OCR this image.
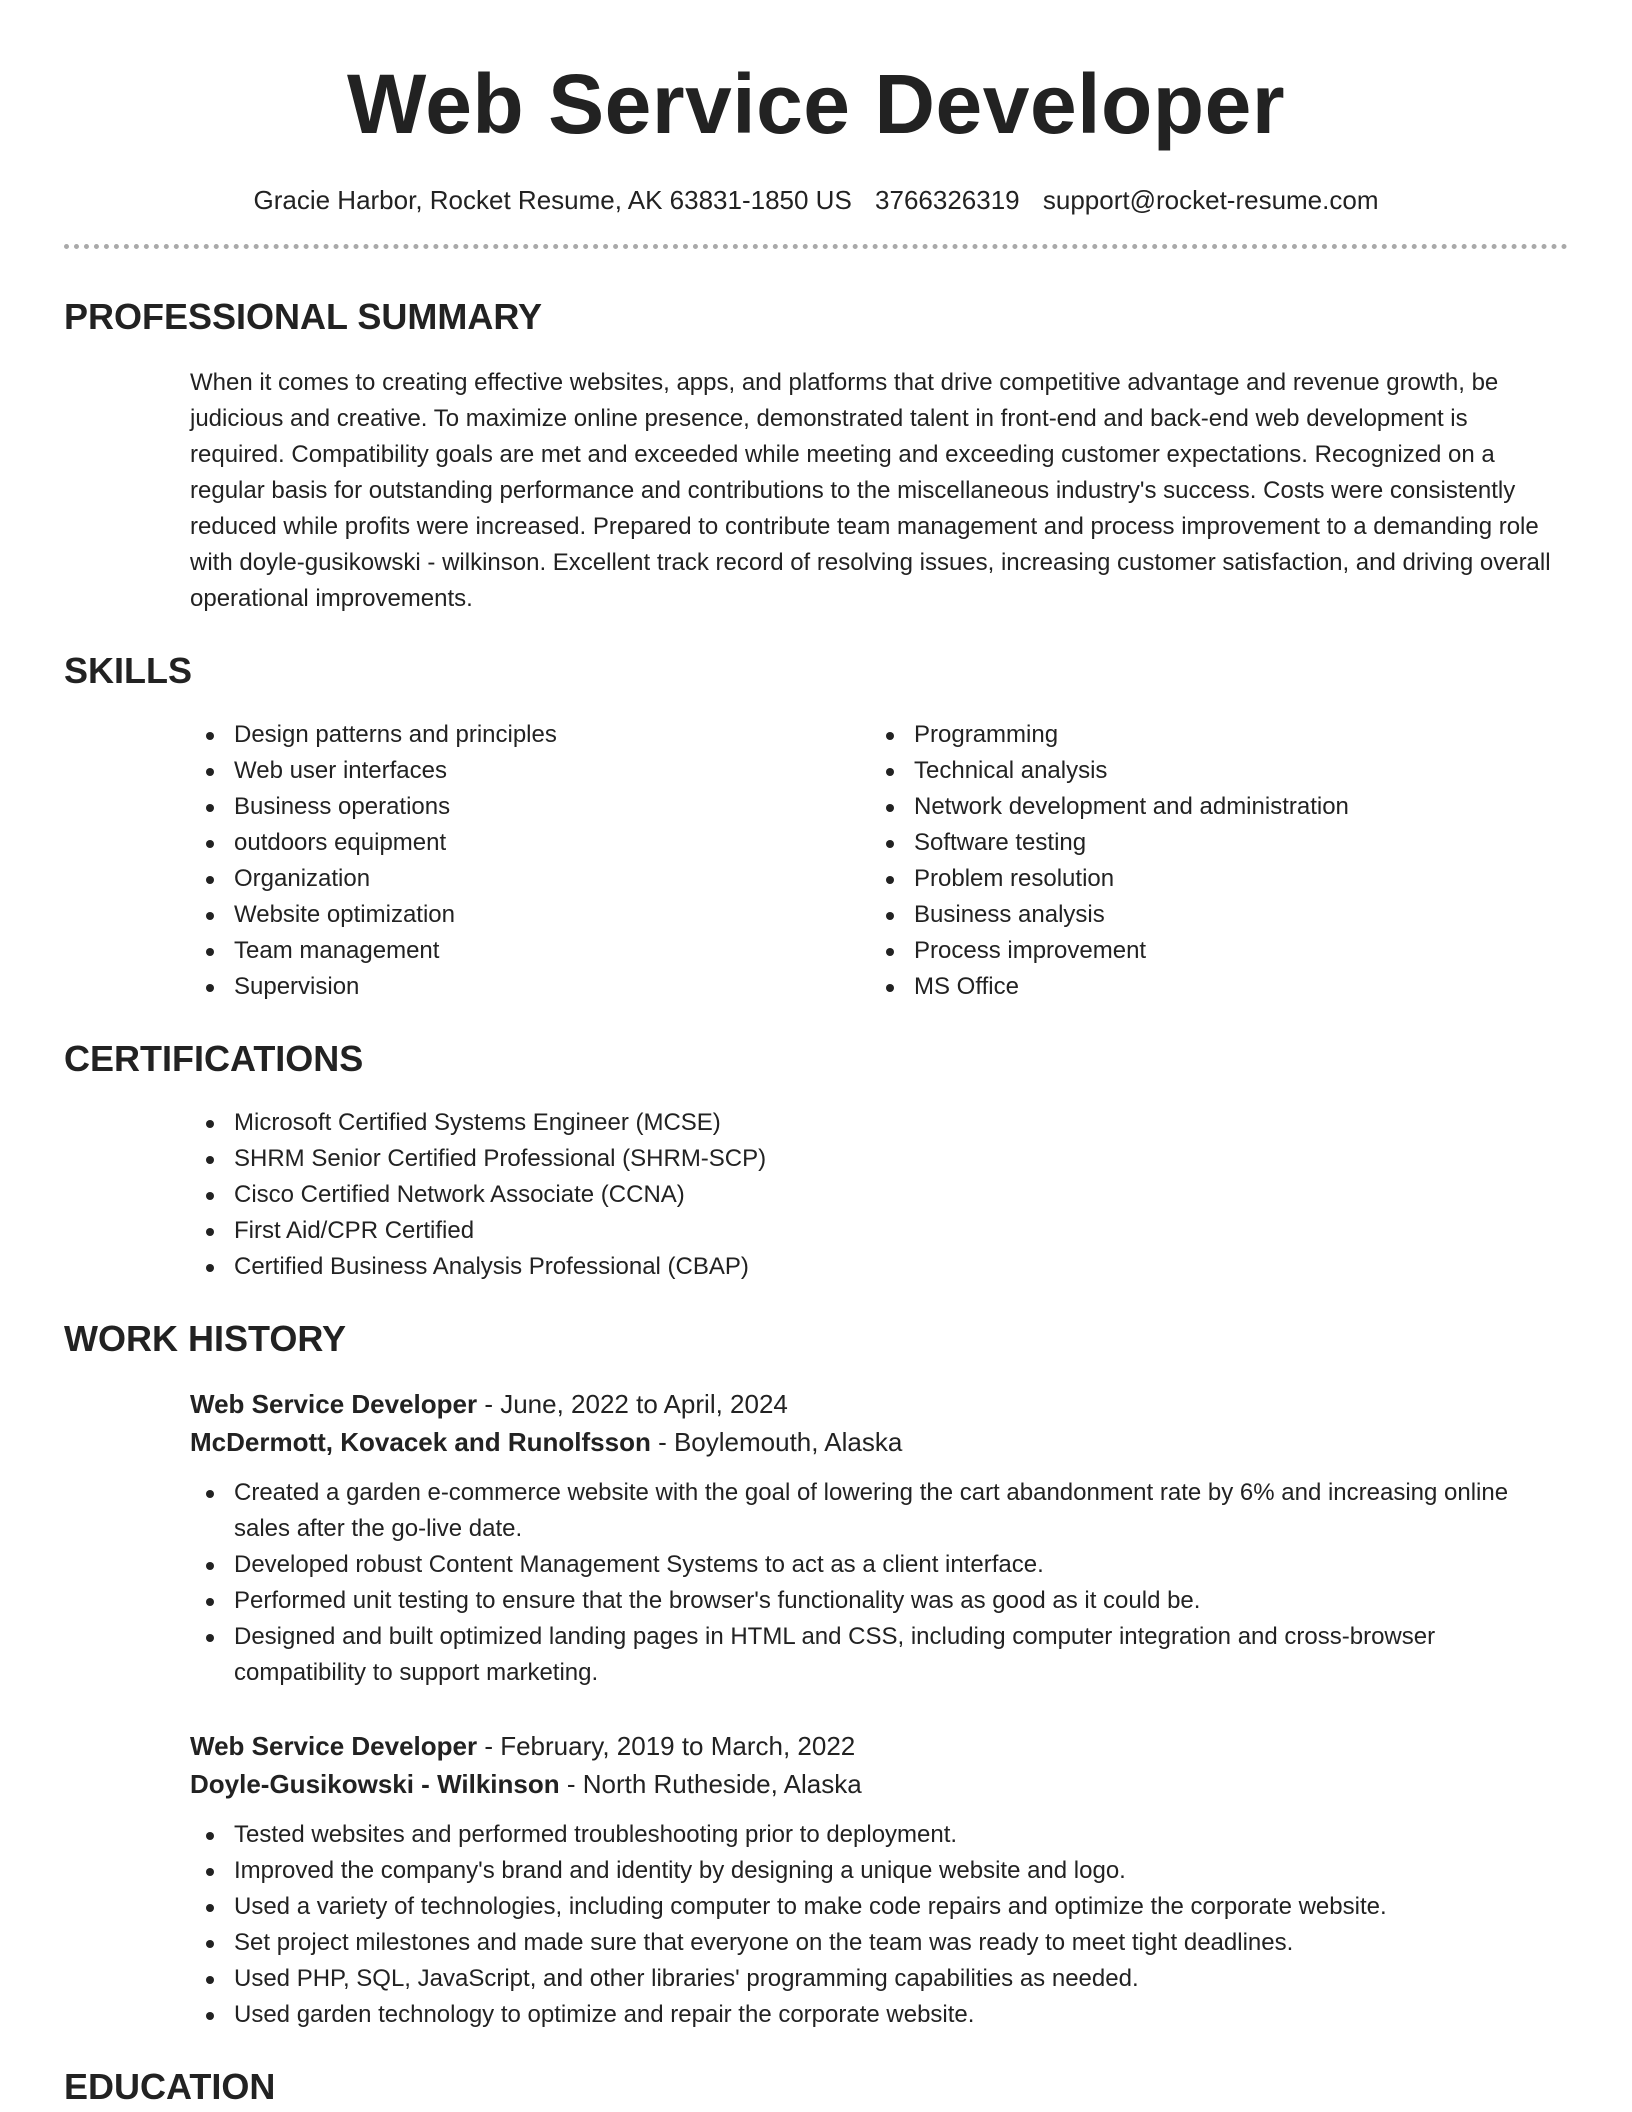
Web Service Developer
Gracie Harbor, Rocket Resume, AK 63831-1850 US 3766326319 support@rocket-resume.com
PROFESSIONAL SUMMARY
When it comes to creating effective websites, apps, and platforms that drive competitive advantage and revenue growth, be judicious and creative. To maximize online presence, demonstrated talent in front-end and back-end web development is required. Compatibility goals are met and exceeded while meeting and exceeding customer expectations. Recognized on a regular basis for outstanding performance and contributions to the miscellaneous industry's success. Costs were consistently reduced while profits were increased. Prepared to contribute team management and process improvement to a demanding role with doyle-gusikowski - wilkinson. Excellent track record of resolving issues, increasing customer satisfaction, and driving overall operational improvements.
SKILLS
Design patterns and principles
Web user interfaces
Business operations
outdoors equipment
Organization
Website optimization
Team management
Supervision
Programming
Technical analysis
Network development and administration
Software testing
Problem resolution
Business analysis
Process improvement
MS Office
CERTIFICATIONS
Microsoft Certified Systems Engineer (MCSE)
SHRM Senior Certified Professional (SHRM-SCP)
Cisco Certified Network Associate (CCNA)
First Aid/CPR Certified
Certified Business Analysis Professional (CBAP)
WORK HISTORY
Web Service Developer - June, 2022 to April, 2024
McDermott, Kovacek and Runolfsson - Boylemouth, Alaska
Created a garden e-commerce website with the goal of lowering the cart abandonment rate by 6% and increasing online sales after the go-live date.
Developed robust Content Management Systems to act as a client interface.
Performed unit testing to ensure that the browser's functionality was as good as it could be.
Designed and built optimized landing pages in HTML and CSS, including computer integration and cross-browser compatibility to support marketing.
Web Service Developer - February, 2019 to March, 2022
Doyle-Gusikowski - Wilkinson - North Rutheside, Alaska
Tested websites and performed troubleshooting prior to deployment.
Improved the company's brand and identity by designing a unique website and logo.
Used a variety of technologies, including computer to make code repairs and optimize the corporate website.
Set project milestones and made sure that everyone on the team was ready to meet tight deadlines.
Used PHP, SQL, JavaScript, and other libraries' programming capabilities as needed.
Used garden technology to optimize and repair the corporate website.
EDUCATION
